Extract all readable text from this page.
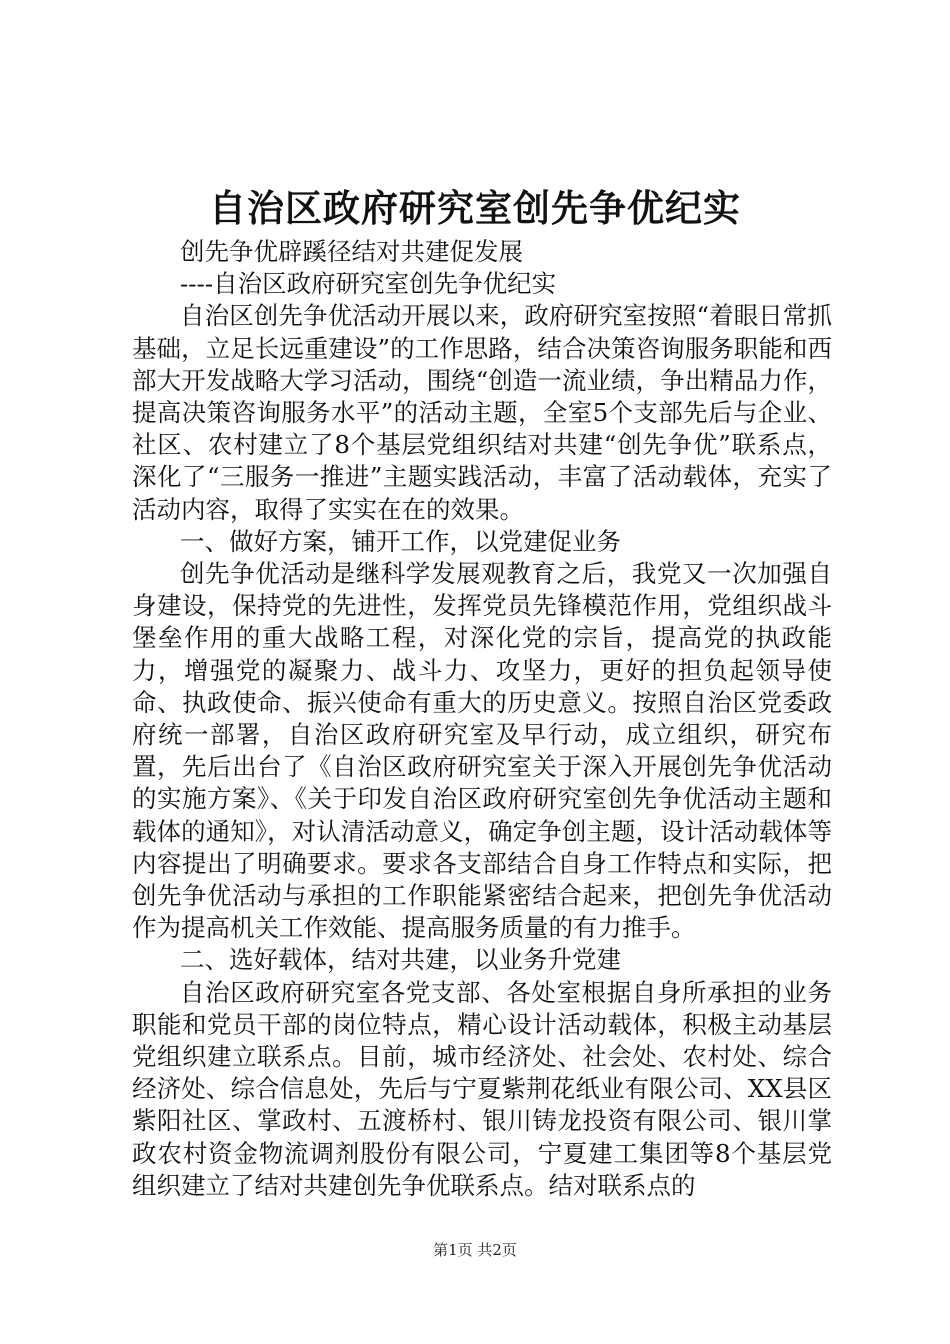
自治区政府研究室创先争优纪实

创先争优辟蹊径结对共建促发展

----自治区政府研究室创先争优纪实

自治区创先争优活动开展以来，政府研究室按照“着眼日常抓基础，立足长远重建设”的工作思路，结合决策咨询服务职能和西部大开发战略大学习活动，围绕“创造一流业绩，争出精品力作，提高决策咨询服务水平”的活动主题，全室5个支部先后与企业、社区、农村建立了8个基层党组织结对共建“创先争优”联系点，深化了“三服务一推进”主题实践活动，丰富了活动载体，充实了活动内容，取得了实实在在的效果。

一、做好方案，铺开工作，以党建促业务

创先争优活动是继科学发展观教育之后，我党又一次加强自身建设，保持党的先进性，发挥党员先锋模范作用，党组织战斗堡垒作用的重大战略工程，对深化党的宗旨，提高党的执政能力，增强党的凝聚力、战斗力、攻坚力，更好的担负起领导使命、执政使命、振兴使命有重大的历史意义。按照自治区党委政府统一部署，自治区政府研究室及早行动，成立组织，研究布置，先后出台了《自治区政府研究室关于深入开展创先争优活动的实施方案》、《关于印发自治区政府研究室创先争优活动主题和载体的通知》，对认清活动意义，确定争创主题，设计活动载体等内容提出了明确要求。要求各支部结合自身工作特点和实际，把创先争优活动与承担的工作职能紧密结合起来，把创先争优活动作为提高机关工作效能、提高服务质量的有力推手。

二、选好载体，结对共建，以业务升党建

自治区政府研究室各党支部、各处室根据自身所承担的业务职能和党员干部的岗位特点，精心设计活动载体，积极主动基层党组织建立联系点。目前，城市经济处、社会处、农村处、综合经济处、综合信息处，先后与宁夏紫荆花纸业有限公司、XX县区紫阳社区、掌政村、五渡桥村、银川铸龙投资有限公司、银川掌政农村资金物流调剂股份有限公司，宁夏建工集团等8个基层党组织建立了结对共建创先争优联系点。结对联系点的

第1页 共2页
